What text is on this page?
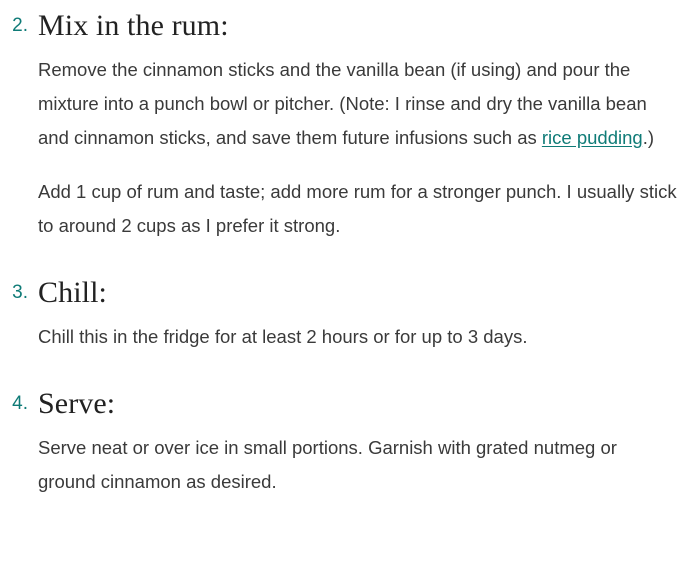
2. Mix in the rum:

Remove the cinnamon sticks and the vanilla bean (if using) and pour the mixture into a punch bowl or pitcher. (Note: I rinse and dry the vanilla bean and cinnamon sticks, and save them future infusions such as rice pudding.)

Add 1 cup of rum and taste; add more rum for a stronger punch. I usually stick to around 2 cups as I prefer it strong.

3. Chill:

Chill this in the fridge for at least 2 hours or for up to 3 days.

4. Serve:

Serve neat or over ice in small portions. Garnish with grated nutmeg or ground cinnamon as desired.
